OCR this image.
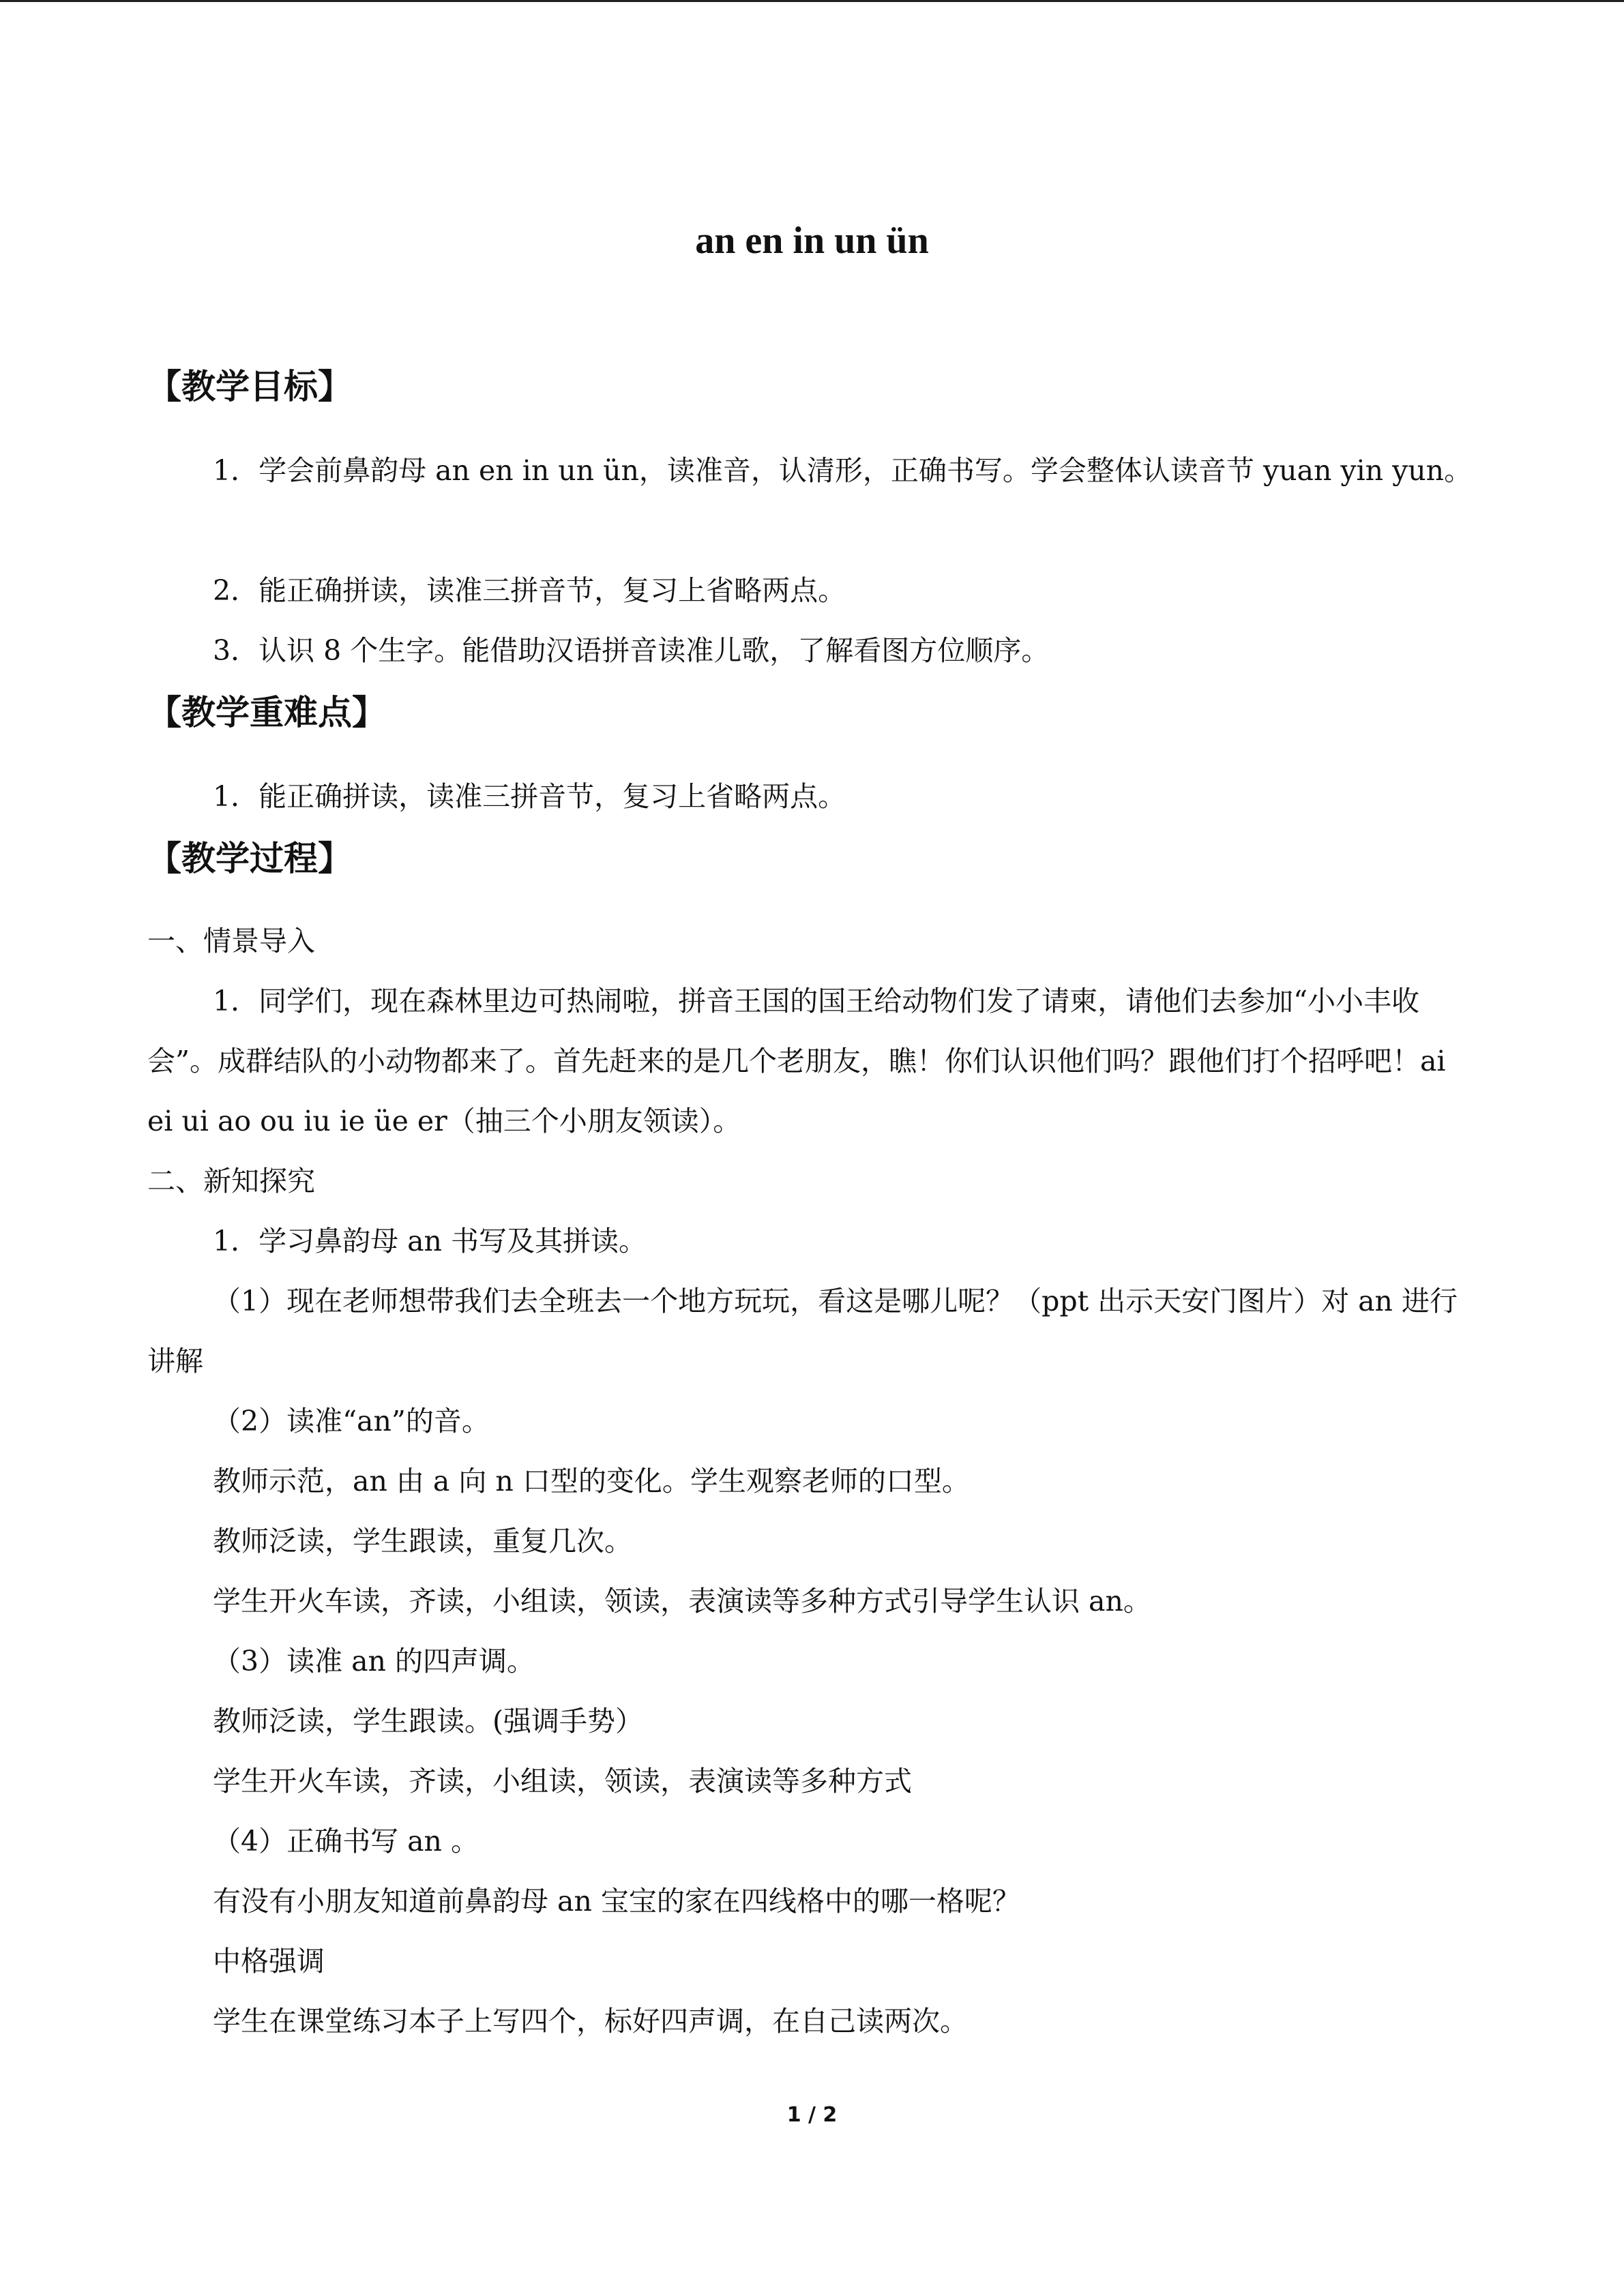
an en in un ün
【教学目标】

1．学会前鼻韵母 an en in un ün，读准音，认清形，正确书写。学会整体认读音节 yuan yin yun。

2．能正确拼读，读准三拼音节，复习上省略两点。

3．认识 8 个生字。能借助汉语拼音读准儿歌，了解看图方位顺序。

【教学重难点】

1．能正确拼读，读准三拼音节，复习上省略两点。

【教学过程】

一、情景导入

1．同学们，现在森林里边可热闹啦，拼音王国的国王给动物们发了请柬，请他们去参加“小小丰收会”。成群结队的小动物都来了。首先赶来的是几个老朋友，瞧！你们认识他们吗？跟他们打个招呼吧！ai ei ui ao ou iu ie üe er（抽三个小朋友领读）。

二、新知探究

1．学习鼻韵母 an 书写及其拼读。

（1）现在老师想带我们去全班去一个地方玩玩，看这是哪儿呢？（ppt 出示天安门图片）对 an 进行讲解

（2）读准“an”的音。

教师示范，an 由 a 向 n 口型的变化。学生观察老师的口型。

教师泛读，学生跟读，重复几次。

学生开火车读，齐读，小组读，领读，表演读等多种方式引导学生认识 an。

（3）读准 an 的四声调。

教师泛读，学生跟读。(强调手势）

学生开火车读，齐读，小组读，领读，表演读等多种方式

（4）正确书写 an 。

有没有小朋友知道前鼻韵母 an 宝宝的家在四线格中的哪一格呢？

中格强调

学生在课堂练习本子上写四个，标好四声调，在自己读两次。

1 / 2
